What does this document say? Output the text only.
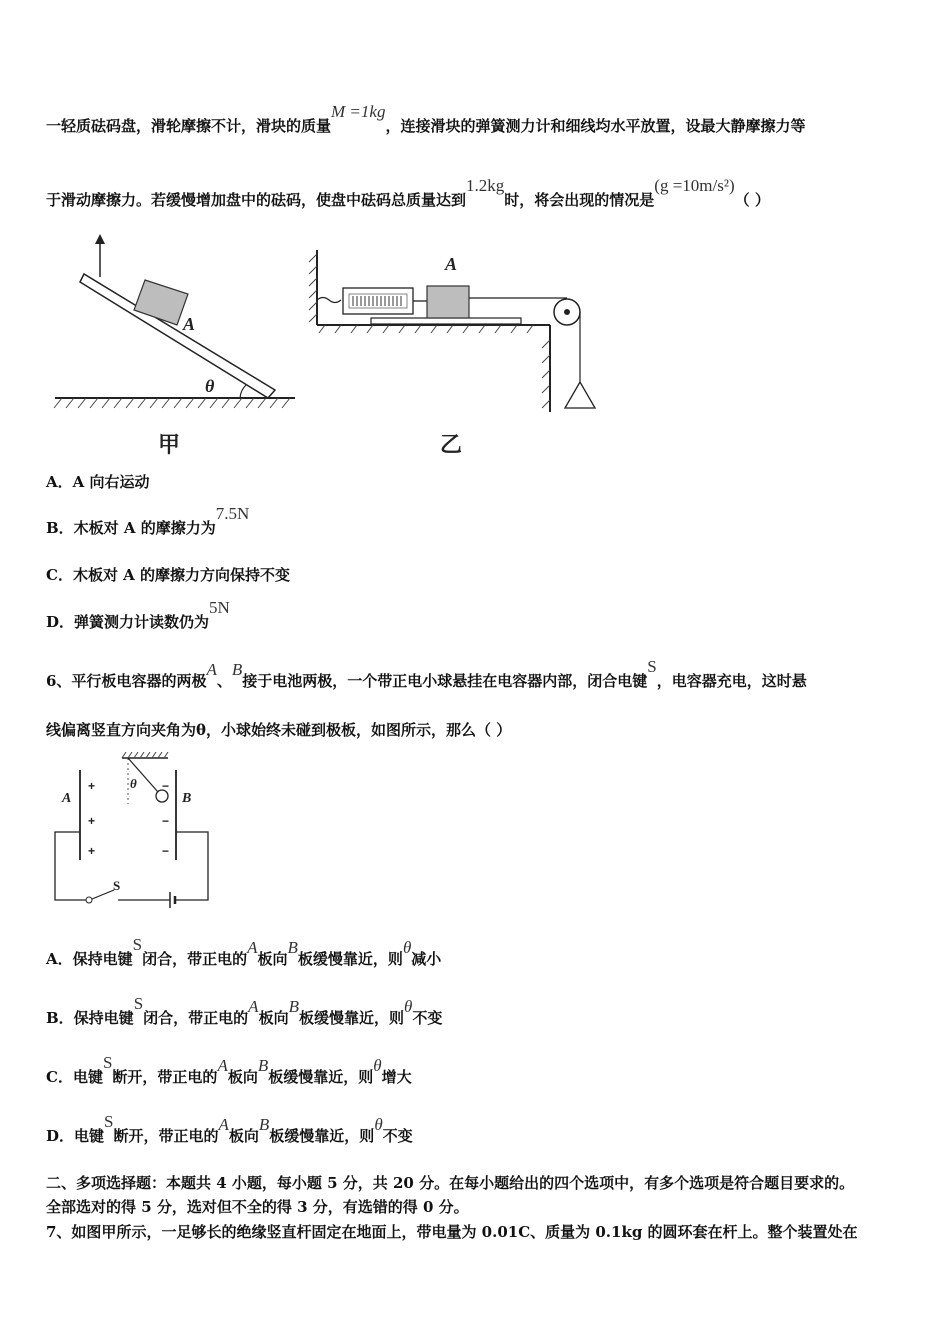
一轻质砝码盘，滑轮摩擦不计，滑块的质量M =1kg，连接滑块的弹簧测力计和细线均水平放置，设最大静摩擦力等
于滑动摩擦力。若缓慢增加盘中的砝码，使盘中砝码总质量达到1.2kg时，将会出现的情况是(g =10m/s²)（ ）
A
θ
甲
A
乙
A．A 向右运动
B．木板对 A 的摩擦力为7.5N
C．木板对 A 的摩擦力方向保持不变
D．弹簧测力计读数仍为5N
6、平行板电容器的两极A、B接于电池两极，一个带正电小球悬挂在电容器内部，闭合电键S，电容器充电，这时悬
线偏离竖直方向夹角为θ，小球始终未碰到极板，如图所示，那么（ ）
θ
A	B
+
+
+
−
−
−
S
A．保持电键S闭合，带正电的A板向B板缓慢靠近，则θ减小
B．保持电键S闭合，带正电的A板向B板缓慢靠近，则θ不变
C．电键S断开，带正电的A板向B板缓慢靠近，则θ增大
D．电键S断开，带正电的A板向B板缓慢靠近，则θ不变
二、多项选择题：本题共 4 小题，每小题 5 分，共 20 分。在每小题给出的四个选项中，有多个选项是符合题目要求的。
全部选对的得 5 分，选对但不全的得 3 分，有选错的得 0 分。
7、如图甲所示，一足够长的绝缘竖直杆固定在地面上，带电量为 0.01C、质量为 0.1kg 的圆环套在杆上。整个装置处在
